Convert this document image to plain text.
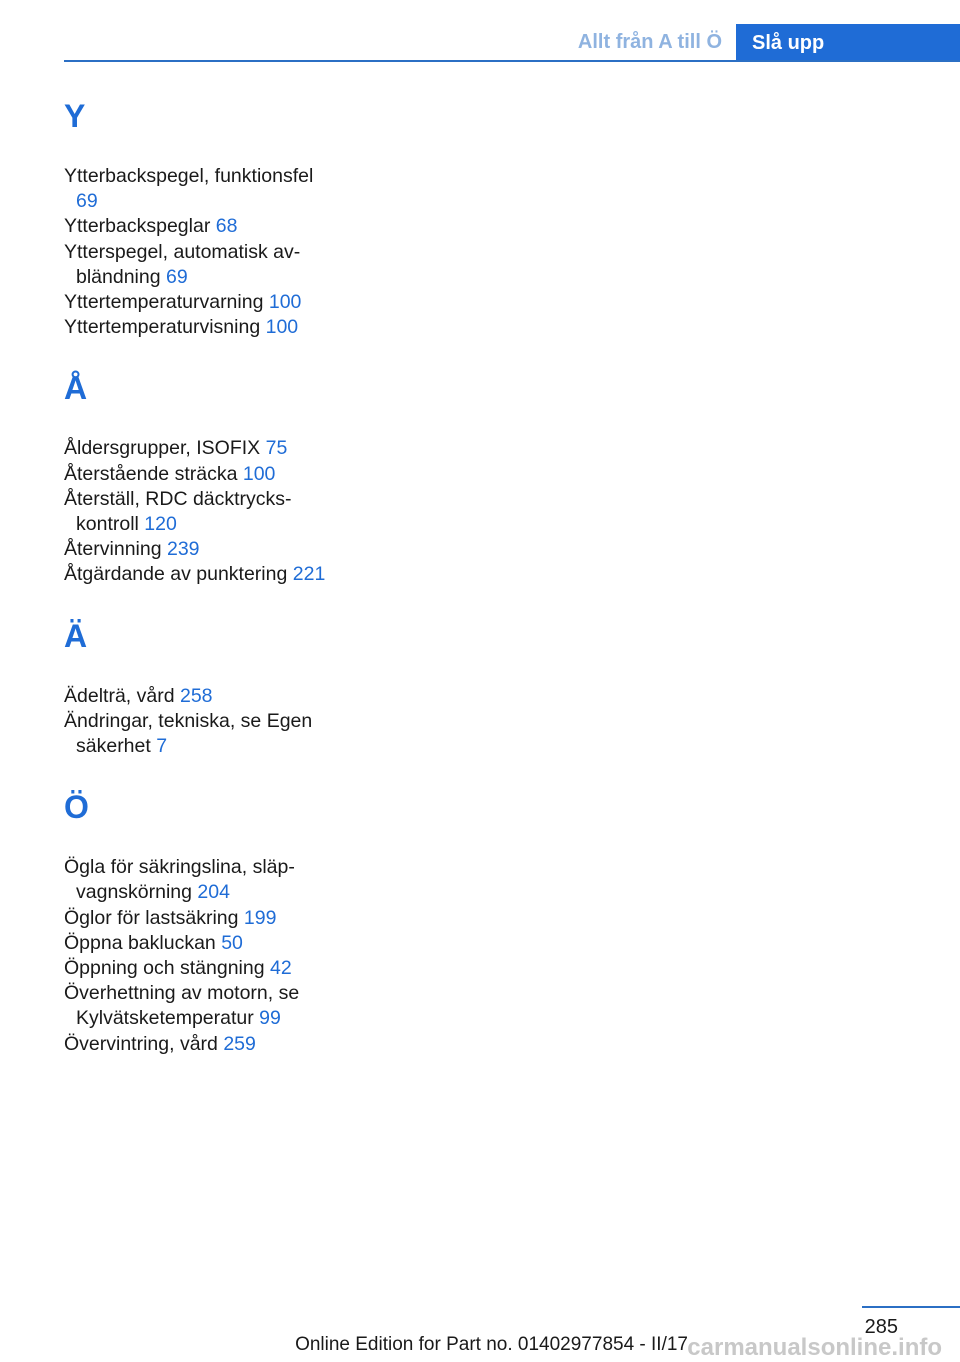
Allt från A till Ö	Slå upp
Y
Ytterbackspegel, funktionsfel 69
Ytterbackspeglar 68
Ytterspegel, automatisk avbländning 69
Yttertemperaturvarning 100
Yttertemperaturvisning 100
Å
Åldersgrupper, ISOFIX 75
Återstående sträcka 100
Återställ, RDC däcktryckskontroll 120
Återvinning 239
Åtgärdande av punktering 221
Ä
Ädelträ, vård 258
Ändringar, tekniska, se Egen säkerhet 7
Ö
Ögla för säkringslina, släpvagnskörning 204
Öglor för lastsäkring 199
Öppna bakluckan 50
Öppning och stängning 42
Överhettning av motorn, se Kylvätsketemperatur 99
Övervintring, vård 259
285
Online Edition for Part no. 01402977854 - II/17 carmanualsonline.info
